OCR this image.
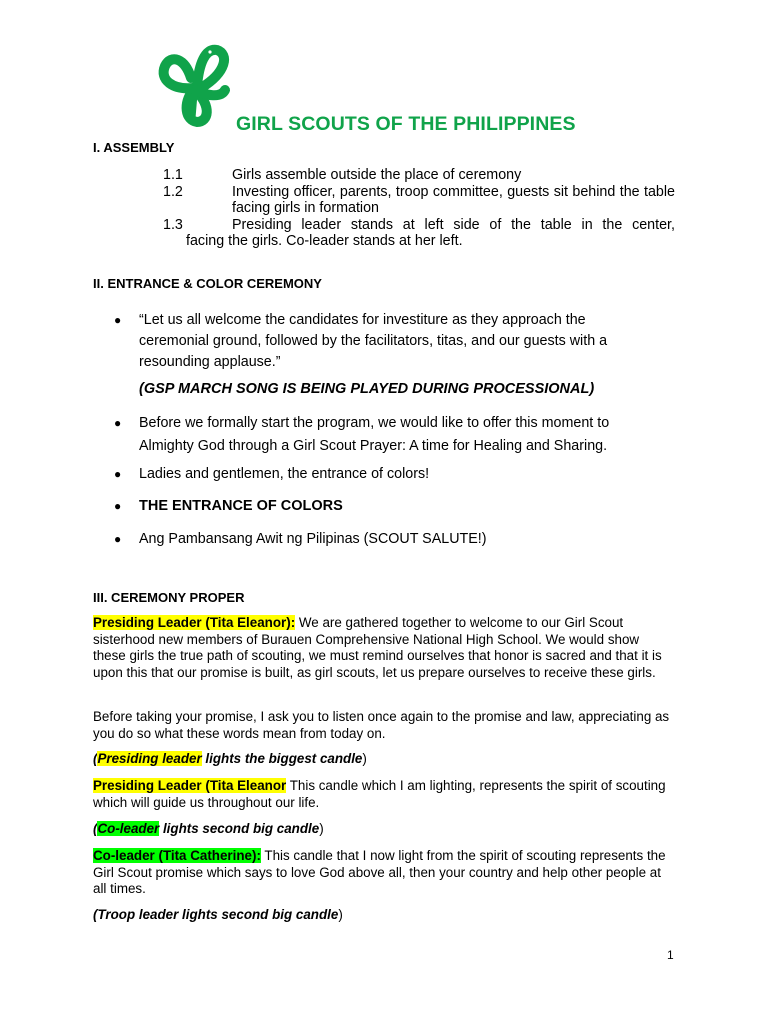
GIRL SCOUTS OF THE PHILIPPINES
I. ASSEMBLY
1.1	Girls assemble outside the place of ceremony
1.2	Investing officer, parents, troop committee, guests sit behind the table facing girls in formation
1.3	Presiding leader stands at left side of the table in the center,
facing the girls. Co-leader stands at her left.
II. ENTRANCE & COLOR CEREMONY
● “Let us all welcome the candidates for investiture as they approach the ceremonial ground, followed by the facilitators, titas, and our guests with a resounding applause.”
(GSP MARCH SONG IS BEING PLAYED DURING PROCESSIONAL)
● Before we formally start the program, we would like to offer this moment to Almighty God through a Girl Scout Prayer: A time for Healing and Sharing.
● Ladies and gentlemen, the entrance of colors!
● THE ENTRANCE OF COLORS
● Ang Pambansang Awit ng Pilipinas (SCOUT SALUTE!)
III. CEREMONY PROPER

Presiding Leader (Tita Eleanor): We are gathered together to welcome to our Girl Scout sisterhood new members of Burauen Comprehensive National High School. We would show these girls the true path of scouting, we must remind ourselves that honor is sacred and that it is upon this that our promise is built, as girl scouts, let us prepare ourselves to receive these girls.

Before taking your promise, I ask you to listen once again to the promise and law, appreciating as you do so what these words mean from today on.

(Presiding leader lights the biggest candle)

Presiding Leader (Tita Eleanor This candle which I am lighting, represents the spirit of scouting which will guide us throughout our life.

(Co-leader lights second big candle)

Co-leader (Tita Catherine): This candle that I now light from the spirit of scouting represents the Girl Scout promise which says to love God above all, then your country and help other people at all times.

(Troop leader lights second big candle)

1
